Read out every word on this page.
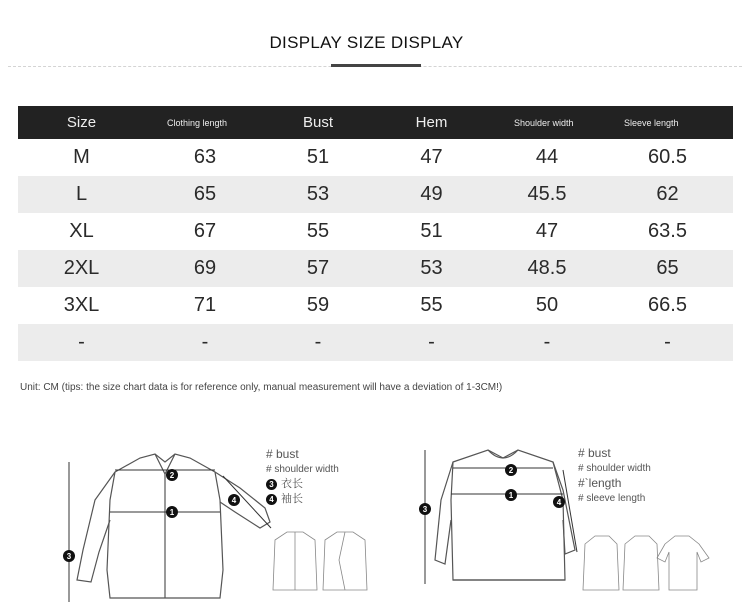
DISPLAY SIZE DISPLAY
Size	Clothing length	Bust	Hem	Shoulder width	Sleeve length
M	63	51	47	44	60.5
L	65	53	49	45.5	62
XL	67	55	51	47	63.5
2XL	69	57	53	48.5	65
3XL	71	59	55	50	66.5
-	-	-	-	-	-
Unit: CM (tips: the size chart data is for reference only, manual measurement will have a deviation of 1-3CM!)
2
1
3
4
# bust
# shoulder width
3 衣长
4 袖长
2
1
3
4
# bust
# shoulder width
#`length
# sleeve length
